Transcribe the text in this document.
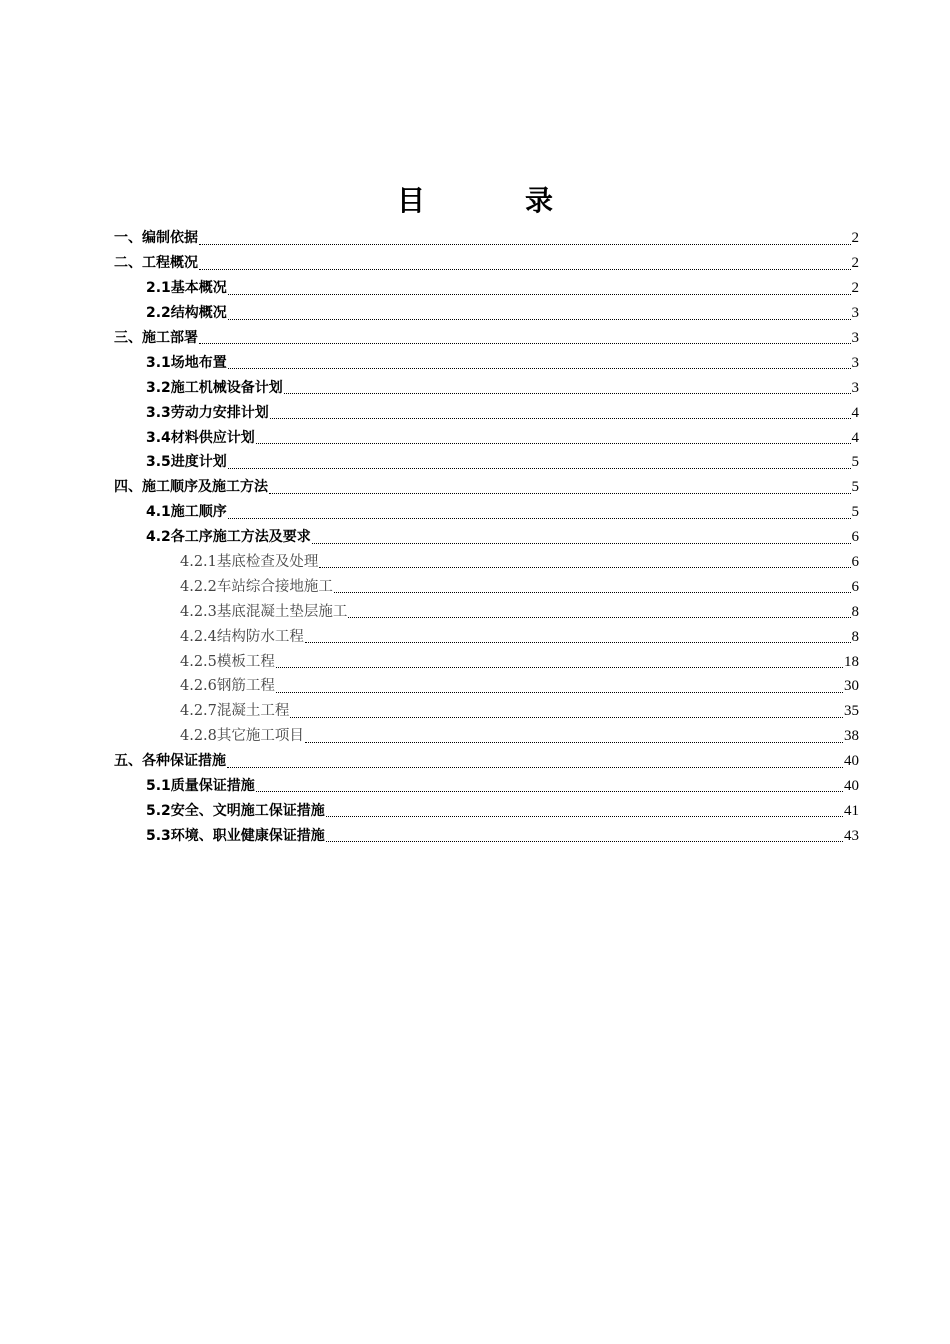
目　录
一、编制依据	2
二、工程概况	2
2.1基本概况	2
2.2结构概况	3
三、施工部署	3
3.1场地布置	3
3.2施工机械设备计划	3
3.3劳动力安排计划	4
3.4材料供应计划	4
3.5进度计划	5
四、施工顺序及施工方法	5
4.1施工顺序	5
4.2各工序施工方法及要求	6
4.2.1基底检查及处理	6
4.2.2车站综合接地施工	6
4.2.3基底混凝土垫层施工	8
4.2.4结构防水工程	8
4.2.5模板工程	18
4.2.6钢筋工程	30
4.2.7混凝土工程	35
4.2.8其它施工项目	38
五、各种保证措施	40
5.1质量保证措施	40
5.2安全、文明施工保证措施	41
5.3环境、职业健康保证措施	43
